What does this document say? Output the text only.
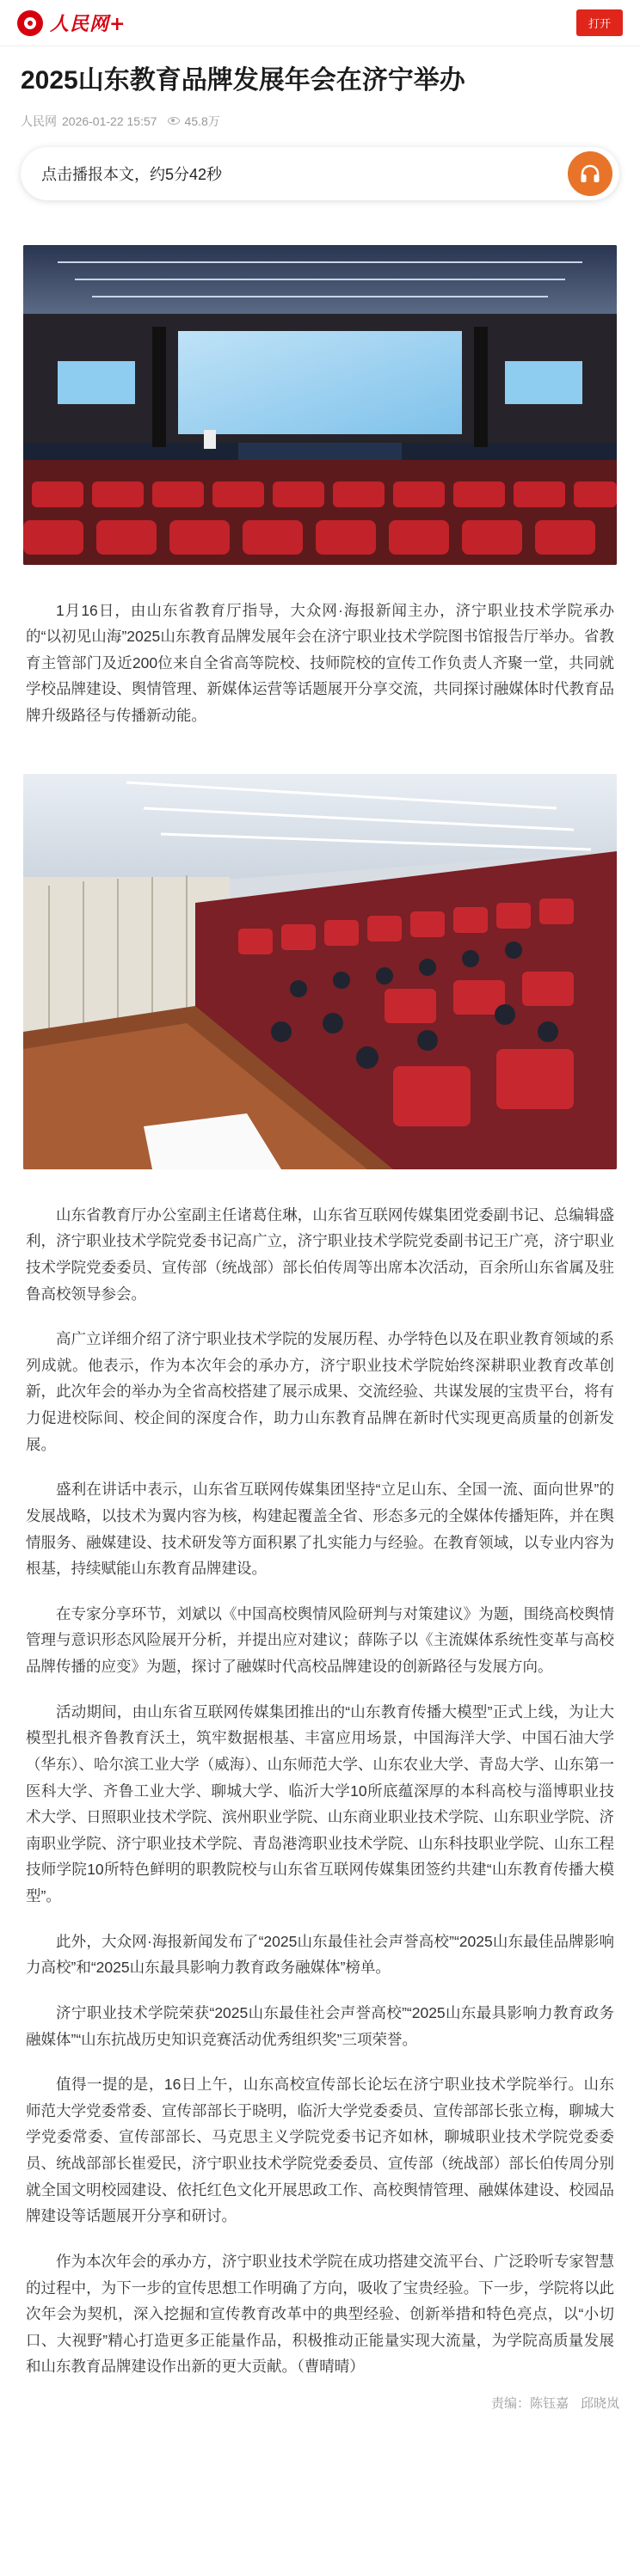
人民网+	打开
2025山东教育品牌发展年会在济宁举办
人民网 2026-01-22 15:57 45.8万
点击播报本文，约5分42秒

1月16日，由山东省教育厅指导，大众网·海报新闻主办，济宁职业技术学院承办的“以初见山海”2025山东教育品牌发展年会在济宁职业技术学院图书馆报告厅举办。省教育主管部门及近200位来自全省高等院校、技师院校的宣传工作负责人齐聚一堂，共同就学校品牌建设、舆情管理、新媒体运营等话题展开分享交流，共同探讨融媒体时代教育品牌升级路径与传播新动能。

山东省教育厅办公室副主任诸葛住琳，山东省互联网传媒集团党委副书记、总编辑盛利，济宁职业技术学院党委书记高广立，济宁职业技术学院党委副书记王广亮，济宁职业技术学院党委委员、宣传部（统战部）部长伯传周等出席本次活动，百余所山东省属及驻鲁高校领导参会。

高广立详细介绍了济宁职业技术学院的发展历程、办学特色以及在职业教育领域的系列成就。他表示，作为本次年会的承办方，济宁职业技术学院始终深耕职业教育改革创新，此次年会的举办为全省高校搭建了展示成果、交流经验、共谋发展的宝贵平台，将有力促进校际间、校企间的深度合作，助力山东教育品牌在新时代实现更高质量的创新发展。

盛利在讲话中表示，山东省互联网传媒集团坚持“立足山东、全国一流、面向世界”的发展战略，以技术为翼内容为核，构建起覆盖全省、形态多元的全媒体传播矩阵，并在舆情服务、融媒建设、技术研发等方面积累了扎实能力与经验。在教育领域，以专业内容为根基，持续赋能山东教育品牌建设。

在专家分享环节，刘斌以《中国高校舆情风险研判与对策建议》为题，围绕高校舆情管理与意识形态风险展开分析，并提出应对建议；薛陈子以《主流媒体系统性变革与高校品牌传播的应变》为题，探讨了融媒时代高校品牌建设的创新路径与发展方向。

活动期间，由山东省互联网传媒集团推出的“山东教育传播大模型”正式上线，为让大模型扎根齐鲁教育沃土，筑牢数据根基、丰富应用场景，中国海洋大学、中国石油大学（华东）、哈尔滨工业大学（威海）、山东师范大学、山东农业大学、青岛大学、山东第一医科大学、齐鲁工业大学、聊城大学、临沂大学10所底蕴深厚的本科高校与淄博职业技术大学、日照职业技术学院、滨州职业学院、山东商业职业技术学院、山东职业学院、济南职业学院、济宁职业技术学院、青岛港湾职业技术学院、山东科技职业学院、山东工程技师学院10所特色鲜明的职教院校与山东省互联网传媒集团签约共建“山东教育传播大模型”。

此外，大众网·海报新闻发布了“2025山东最佳社会声誉高校”“2025山东最佳品牌影响力高校”和“2025山东最具影响力教育政务融媒体”榜单。

济宁职业技术学院荣获“2025山东最佳社会声誉高校”“2025山东最具影响力教育政务融媒体”“山东抗战历史知识竞赛活动优秀组织奖”三项荣誉。

值得一提的是，16日上午，山东高校宣传部长论坛在济宁职业技术学院举行。山东师范大学党委常委、宣传部部长于晓明，临沂大学党委委员、宣传部部长张立梅，聊城大学党委常委、宣传部部长、马克思主义学院党委书记齐如林，聊城职业技术学院党委委员、统战部部长崔爱民，济宁职业技术学院党委委员、宣传部（统战部）部长伯传周分别就全国文明校园建设、依托红色文化开展思政工作、高校舆情管理、融媒体建设、校园品牌建设等话题展开分享和研讨。

作为本次年会的承办方，济宁职业技术学院在成功搭建交流平台、广泛聆听专家智慧的过程中，为下一步的宣传思想工作明确了方向，吸收了宝贵经验。下一步，学院将以此次年会为契机，深入挖掘和宣传教育改革中的典型经验、创新举措和特色亮点，以“小切口、大视野”精心打造更多正能量作品，积极推动正能量实现大流量，为学院高质量发展和山东教育品牌建设作出新的更大贡献。（曹晴晴）

责编：陈钰嘉 邱晓岚
